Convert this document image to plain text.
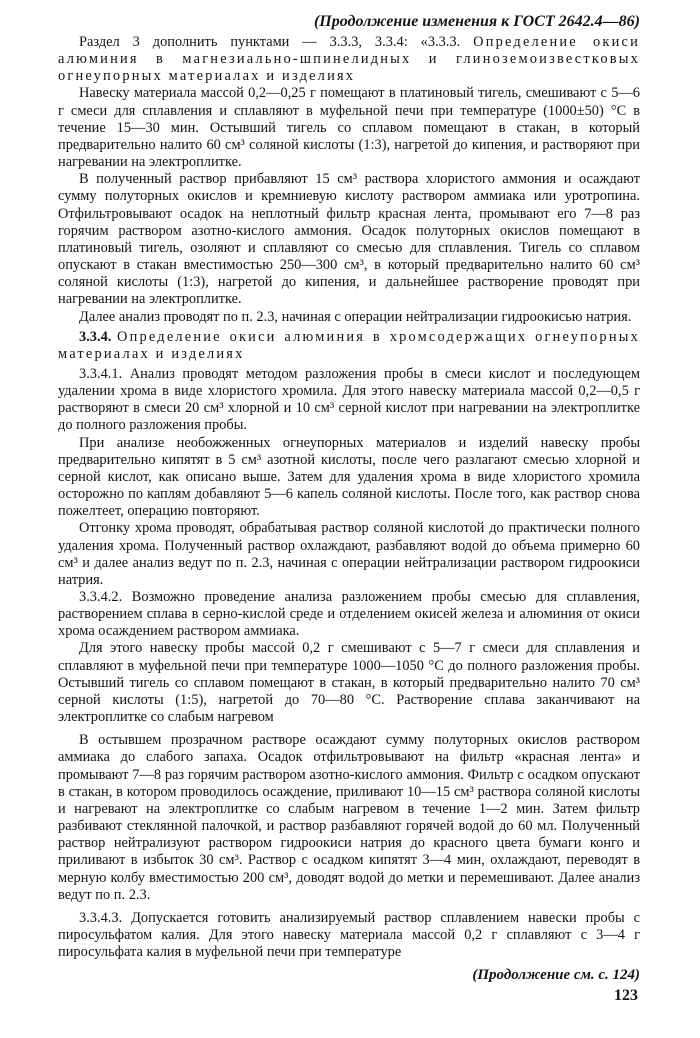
(Продолжение изменения к ГОСТ 2642.4—86)

Раздел 3 дополнить пунктами — 3.3.3, 3.3.4: «3.3.3. Определение окиси алюминия в магнезиально-шпинелидных и глиноземоизвестковых огнеупорных материалах и изделиях

Навеску материала массой 0,2—0,25 г помещают в платиновый тигель, смешивают с 5—6 г смеси для сплавления и сплавляют в муфельной печи при температуре (1000±50) °С в течение 15—30 мин. Остывший тигель со сплавом помещают в стакан, в который предварительно налито 60 см³ соляной кислоты (1:3), нагретой до кипения, и растворяют при нагревании на электроплитке.

В полученный раствор прибавляют 15 см³ раствора хлористого аммония и осаждают сумму полуторных окислов и кремниевую кислоту раствором аммиака или уротропина. Отфильтровывают осадок на неплотный фильтр красная лента, промывают его 7—8 раз горячим раствором азотно-кислого аммония. Осадок полуторных окислов помещают в платиновый тигель, озоляют и сплавляют со смесью для сплавления. Тигель со сплавом опускают в стакан вместимостью 250—300 см³, в который предварительно налито 60 см³ соляной кислоты (1:3), нагретой до кипения, и дальнейшее растворение проводят при нагревании на электроплитке.

Далее анализ проводят по п. 2.3, начиная с операции нейтрализации гидроокисью натрия.

3.3.4. Определение окиси алюминия в хромсодержащих огнеупорных материалах и изделиях

3.3.4.1. Анализ проводят методом разложения пробы в смеси кислот и последующем удалении хрома в виде хлористого хромила. Для этого навеску материала массой 0,2—0,5 г растворяют в смеси 20 см³ хлорной и 10 см³ серной кислот при нагревании на электроплитке до полного разложения пробы.

При анализе необожженных огнеупорных материалов и изделий навеску пробы предварительно кипятят в 5 см³ азотной кислоты, после чего разлагают смесью хлорной и серной кислот, как описано выше. Затем для удаления хрома в виде хлористого хромила осторожно по каплям добавляют 5—6 капель соляной кислоты. После того, как раствор снова пожелтеет, операцию повторяют.

Отгонку хрома проводят, обрабатывая раствор соляной кислотой до практически полного удаления хрома. Полученный раствор охлаждают, разбавляют водой до объема примерно 60 см³ и далее анализ ведут по п. 2.3, начиная с операции нейтрализации раствором гидроокиси натрия.

3.3.4.2. Возможно проведение анализа разложением пробы смесью для сплавления, растворением сплава в серно-кислой среде и отделением окисей железа и алюминия от окиси хрома осаждением раствором аммиака.

Для этого навеску пробы массой 0,2 г смешивают с 5—7 г смеси для сплавления и сплавляют в муфельной печи при температуре 1000—1050 °С до полного разложения пробы. Остывший тигель со сплавом помещают в стакан, в который предварительно налито 70 см³ серной кислоты (1:5), нагретой до 70—80 °С. Растворение сплава заканчивают на электроплитке со слабым нагревом

В остывшем прозрачном растворе осаждают сумму полуторных окислов раствором аммиака до слабого запаха. Осадок отфильтровывают на фильтр «красная лента» и промывают 7—8 раз горячим раствором азотно-кислого аммония. Фильтр с осадком опускают в стакан, в котором проводилось осаждение, приливают 10—15 см³ раствора соляной кислоты и нагревают на электроплитке со слабым нагревом в течение 1—2 мин. Затем фильтр разбивают стеклянной палочкой, и раствор разбавляют горячей водой до 60 мл. Полученный раствор нейтрализуют раствором гидроокиси натрия до красного цвета бумаги конго и приливают в избыток 30 см³. Раствор с осадком кипятят 3—4 мин, охлаждают, переводят в мерную колбу вместимостью 200 см³, доводят водой до метки и перемешивают. Далее анализ ведут по п. 2.3.

3.3.4.3. Допускается готовить анализируемый раствор сплавлением навески пробы с пиросульфатом калия. Для этого навеску материала массой 0,2 г сплавляют с 3—4 г пиросульфата калия в муфельной печи при температуре

(Продолжение см. с. 124)
123
